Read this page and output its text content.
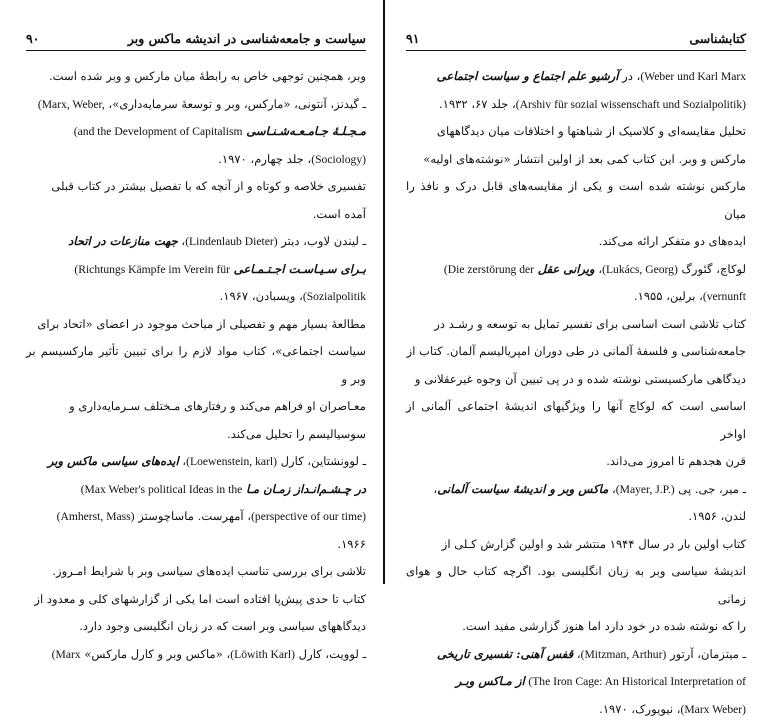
سیاست و جامعه‌شناسی در اندیشه ماکس وبر
۹۰

وبر، همچنین توجهی خاص به رابطهٔ میان مارکس و وبر شده است.

ـ گیدنز، آنتونی، «مارکس، وبر و توسعهٔ سرمایه‌داری»، (Marx, Weber,

مـجـلـهٔ جـامـعـه‌شـنـاسی (and the Development of Capitalism

(Sociology)، جلد چهارم، ۱۹۷۰.

تفسیری خلاصه و کوتاه و از آنچه که با تفصیل بیشتر در کتاب قبلی

آمده است.

ـ لیندن لاوب، دیتر (Lindenlaub Dieter)، جهت منازعات در اتحاد

بـرای سـیـاسـت اجـتـمـاعی (Richtungs Kämpfe im Verein für

(Sozialpolitik، ویسبادن، ۱۹۶۷.

مطالعهٔ بسیار مهم و تفصیلی از مباحث موجود در اعضای «اتحاد برای

سیاست اجتماعی»، کتاب مواد لازم را برای تبیین تأثیر مارکسیسم بر وبر و

معـاصران او فراهم می‌کند و رفتارهای مـختلف سـرمایه‌داری و

سوسیالیسم را تحلیل می‌کند.

ـ لوونشتاین، کارل (Loewenstein, karl)، ایده‌های سیاسی ماکس وبر

در چـشـم‌انـداز زمـان مـا (Max Weber's political Ideas in the

(perspective of our time)، آمهرست. ماساچوستز (Amherst, Mass)

۱۹۶۶.

تلاشی برای بررسی تناسب ایده‌های سیاسی وبر با شرایط امـروز.

کتاب تا حدی پیش‌پا افتاده است اما یکی از گزارشهای کلی و معدود از

دیدگاههای سیاسی وبر است که در زبان انگلیسی وجود دارد.

ـ لوویت، کارل (Löwith Karl)، «ماکس وبر و کارل مارکس» (Marx

کتابشناسی
۹۱

(Weber und Karl Marx، در آرشیو علم اجتماع و سیاست اجتماعی

(Arshiv für sozial wissenschaft und Sozialpolitik)، جلد ۶۷، ۱۹۳۲.

تحلیل مقایسه‌ای و کلاسیک از شباهتها و اختلافات میان دیدگاههای

مارکس و وبر. این کتاب کمی بعد از اولین انتشار «نوشته‌های اولیه»

مارکس نوشته شده است و یکی از مقایسه‌های قابل درک و نافذ را میان

ایده‌های دو متفکر ارائه می‌کند.

لوکاچ، گئورگ (Lukács, Georg)، ویرانی عقل (Die zerstörung der

(vernunft، برلین، ۱۹۵۵.

کتاب تلاشی است اساسی برای تفسیر تمایل به توسعه و رشـد در

جامعه‌شناسی و فلسفهٔ آلمانی در طی دوران امپریالیسم آلمان. کتاب از

دیدگاهی مارکسیستی نوشته شده و در پی تبیین آن وجوه غیرعقلانی و

اساسی است که لوکاچ آنها را ویژگیهای اندیشهٔ اجتماعی آلمانی از اواخر

قرن هجدهم تا امروز می‌داند.

ـ میر، جی. پی (Mayer, J.P.)، ماکس وبر و اندیشهٔ سیاست آلمانی،

لندن، ۱۹۵۶.

کتاب اولین بار در سال ۱۹۴۴ منتشر شد و اولین گزارش کـلی از

اندیشهٔ سیاسی وبر به زبان انگلیسی بود. اگرچه کتاب حال و هوای زمانی

را که نوشته شده در خود دارد اما هنوز گزارشی مفید است.

ـ میتزمان، آرتور (Mitzman, Arthur)، قفس آهنی: تفسیری تاریخی

(The Iron Cage: An Historical Interpretation of از مـاکس وبـر

(Marx Weber)، نیویورک، ۱۹۷۰.
